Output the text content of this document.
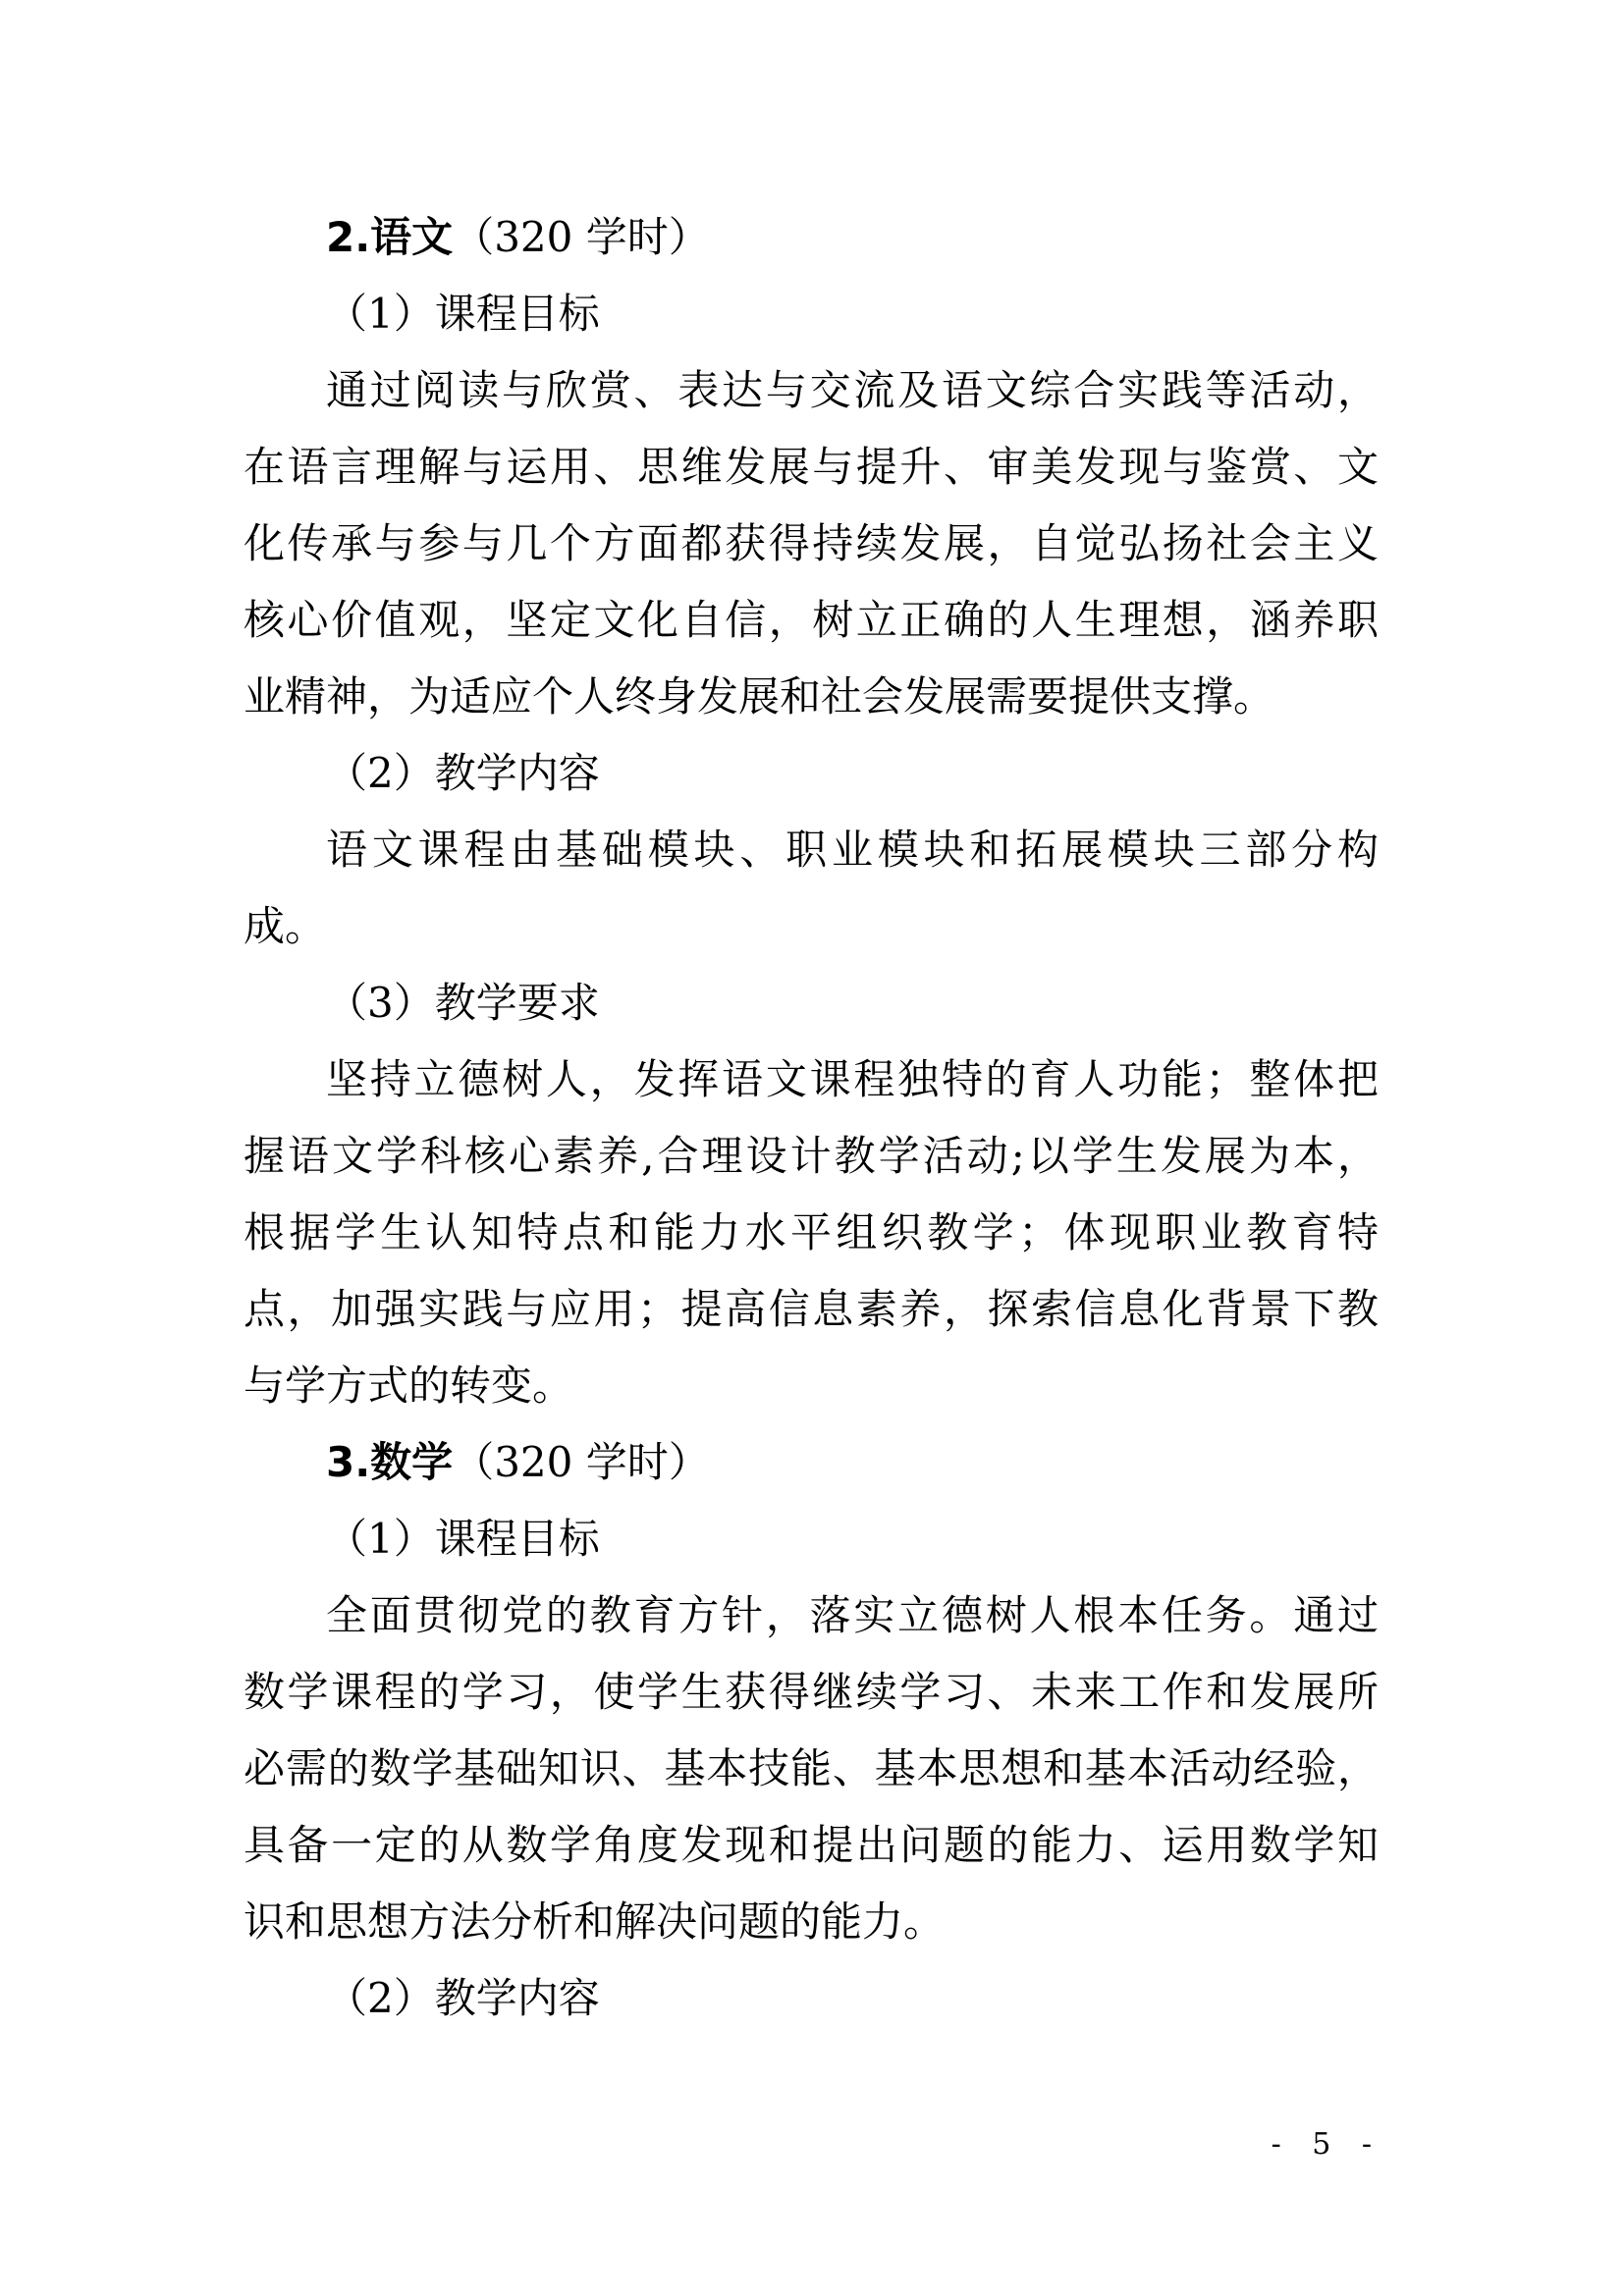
2.语文（320 学时）
（1）课程目标
通过阅读与欣赏、表达与交流及语文综合实践等活动，
在语言理解与运用、思维发展与提升、审美发现与鉴赏、文
化传承与参与几个方面都获得持续发展，自觉弘扬社会主义
核心价值观，坚定文化自信，树立正确的人生理想，涵养职
业精神，为适应个人终身发展和社会发展需要提供支撑。
（2）教学内容
语文课程由基础模块、职业模块和拓展模块三部分构
成。
（3）教学要求
坚持立德树人，发挥语文课程独特的育人功能；整体把
握语文学科核心素养,合理设计教学活动;以学生发展为本，
根据学生认知特点和能力水平组织教学；体现职业教育特
点，加强实践与应用；提高信息素养，探索信息化背景下教
与学方式的转变。
3.数学（320 学时）
（1）课程目标
全面贯彻党的教育方针，落实立德树人根本任务。通过
数学课程的学习，使学生获得继续学习、未来工作和发展所
必需的数学基础知识、基本技能、基本思想和基本活动经验，
具备一定的从数学角度发现和提出问题的能力、运用数学知
识和思想方法分析和解决问题的能力。
（2）教学内容
- 5 -
